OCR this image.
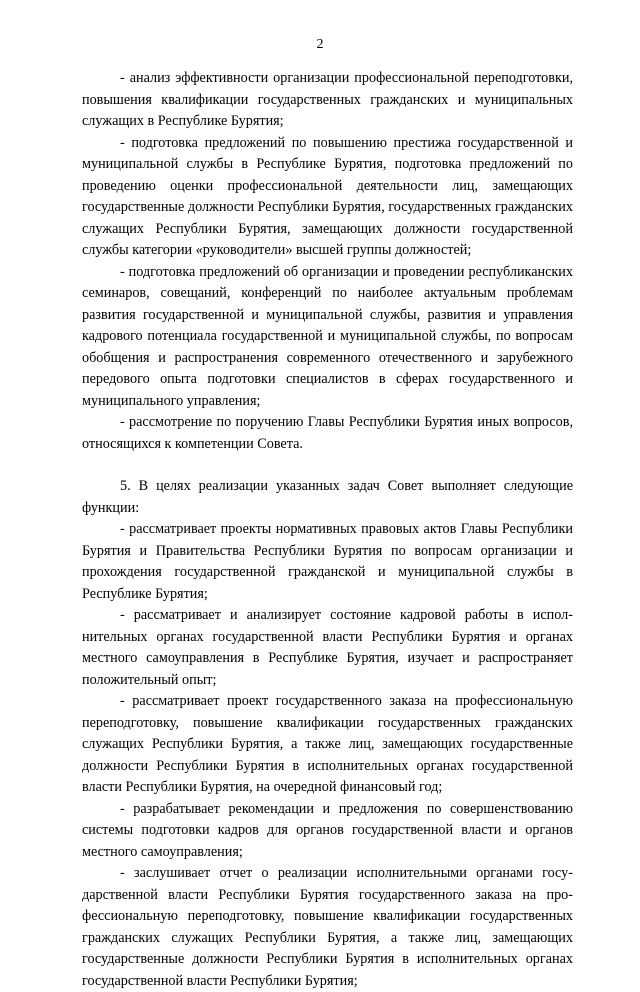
2

- анализ эффективности организации профессиональной переподготовки, повышения квалификации государственных гражданских и муниципальных служащих в Республике Бурятия;

- подготовка предложений по повышению престижа государственной и муниципальной службы в Республике Бурятия, подготовка предложений по проведению оценки профессиональной деятельности лиц, замещающих государственные должности Республики Бурятия, государственных гражданских служащих Республики Бурятия, замещающих должности государственной службы категории «руководители» высшей группы должностей;

- подготовка предложений об организации и проведении республиканских семинаров, совещаний, конференций по наиболее актуальным проблемам развития государственной и муниципальной службы, развития и управления кадрового потенциала государственной и муниципальной службы, по вопросам обобщения и распространения современного отечественного и зарубежного передового опыта подготовки специалистов в сферах государственного и муниципального управления;

- рассмотрение по поручению Главы Республики Бурятия иных вопросов, относящихся к компетенции Совета.

5. В целях реализации указанных задач Совет выполняет следующие функции:

- рассматривает проекты нормативных правовых актов Главы Республики Бурятия и Правительства Республики Бурятия по вопросам организации и прохождения государственной гражданской и муниципальной службы в Республике Бурятия;

- рассматривает и анализирует состояние кадровой работы в исполнительных органах государственной власти Республики Бурятия и органах местного самоуправления в Республике Бурятия, изучает и распространяет положительный опыт;

- рассматривает проект государственного заказа на профессиональную переподготовку, повышение квалификации государственных гражданских служащих Республики Бурятия, а также лиц, замещающих государственные должности Республики Бурятия в исполнительных органах государственной власти Республики Бурятия, на очередной финансовый год;

- разрабатывает рекомендации и предложения по совершенствованию системы подготовки кадров для органов государственной власти и органов местного самоуправления;

- заслушивает отчет о реализации исполнительными органами государственной власти Республики Бурятия государственного заказа на профессиональную переподготовку, повышение квалификации государственных гражданских служащих Республики Бурятия, а также лиц, замещающих государственные должности Республики Бурятия в исполнительных органах государственной власти Республики Бурятия;
